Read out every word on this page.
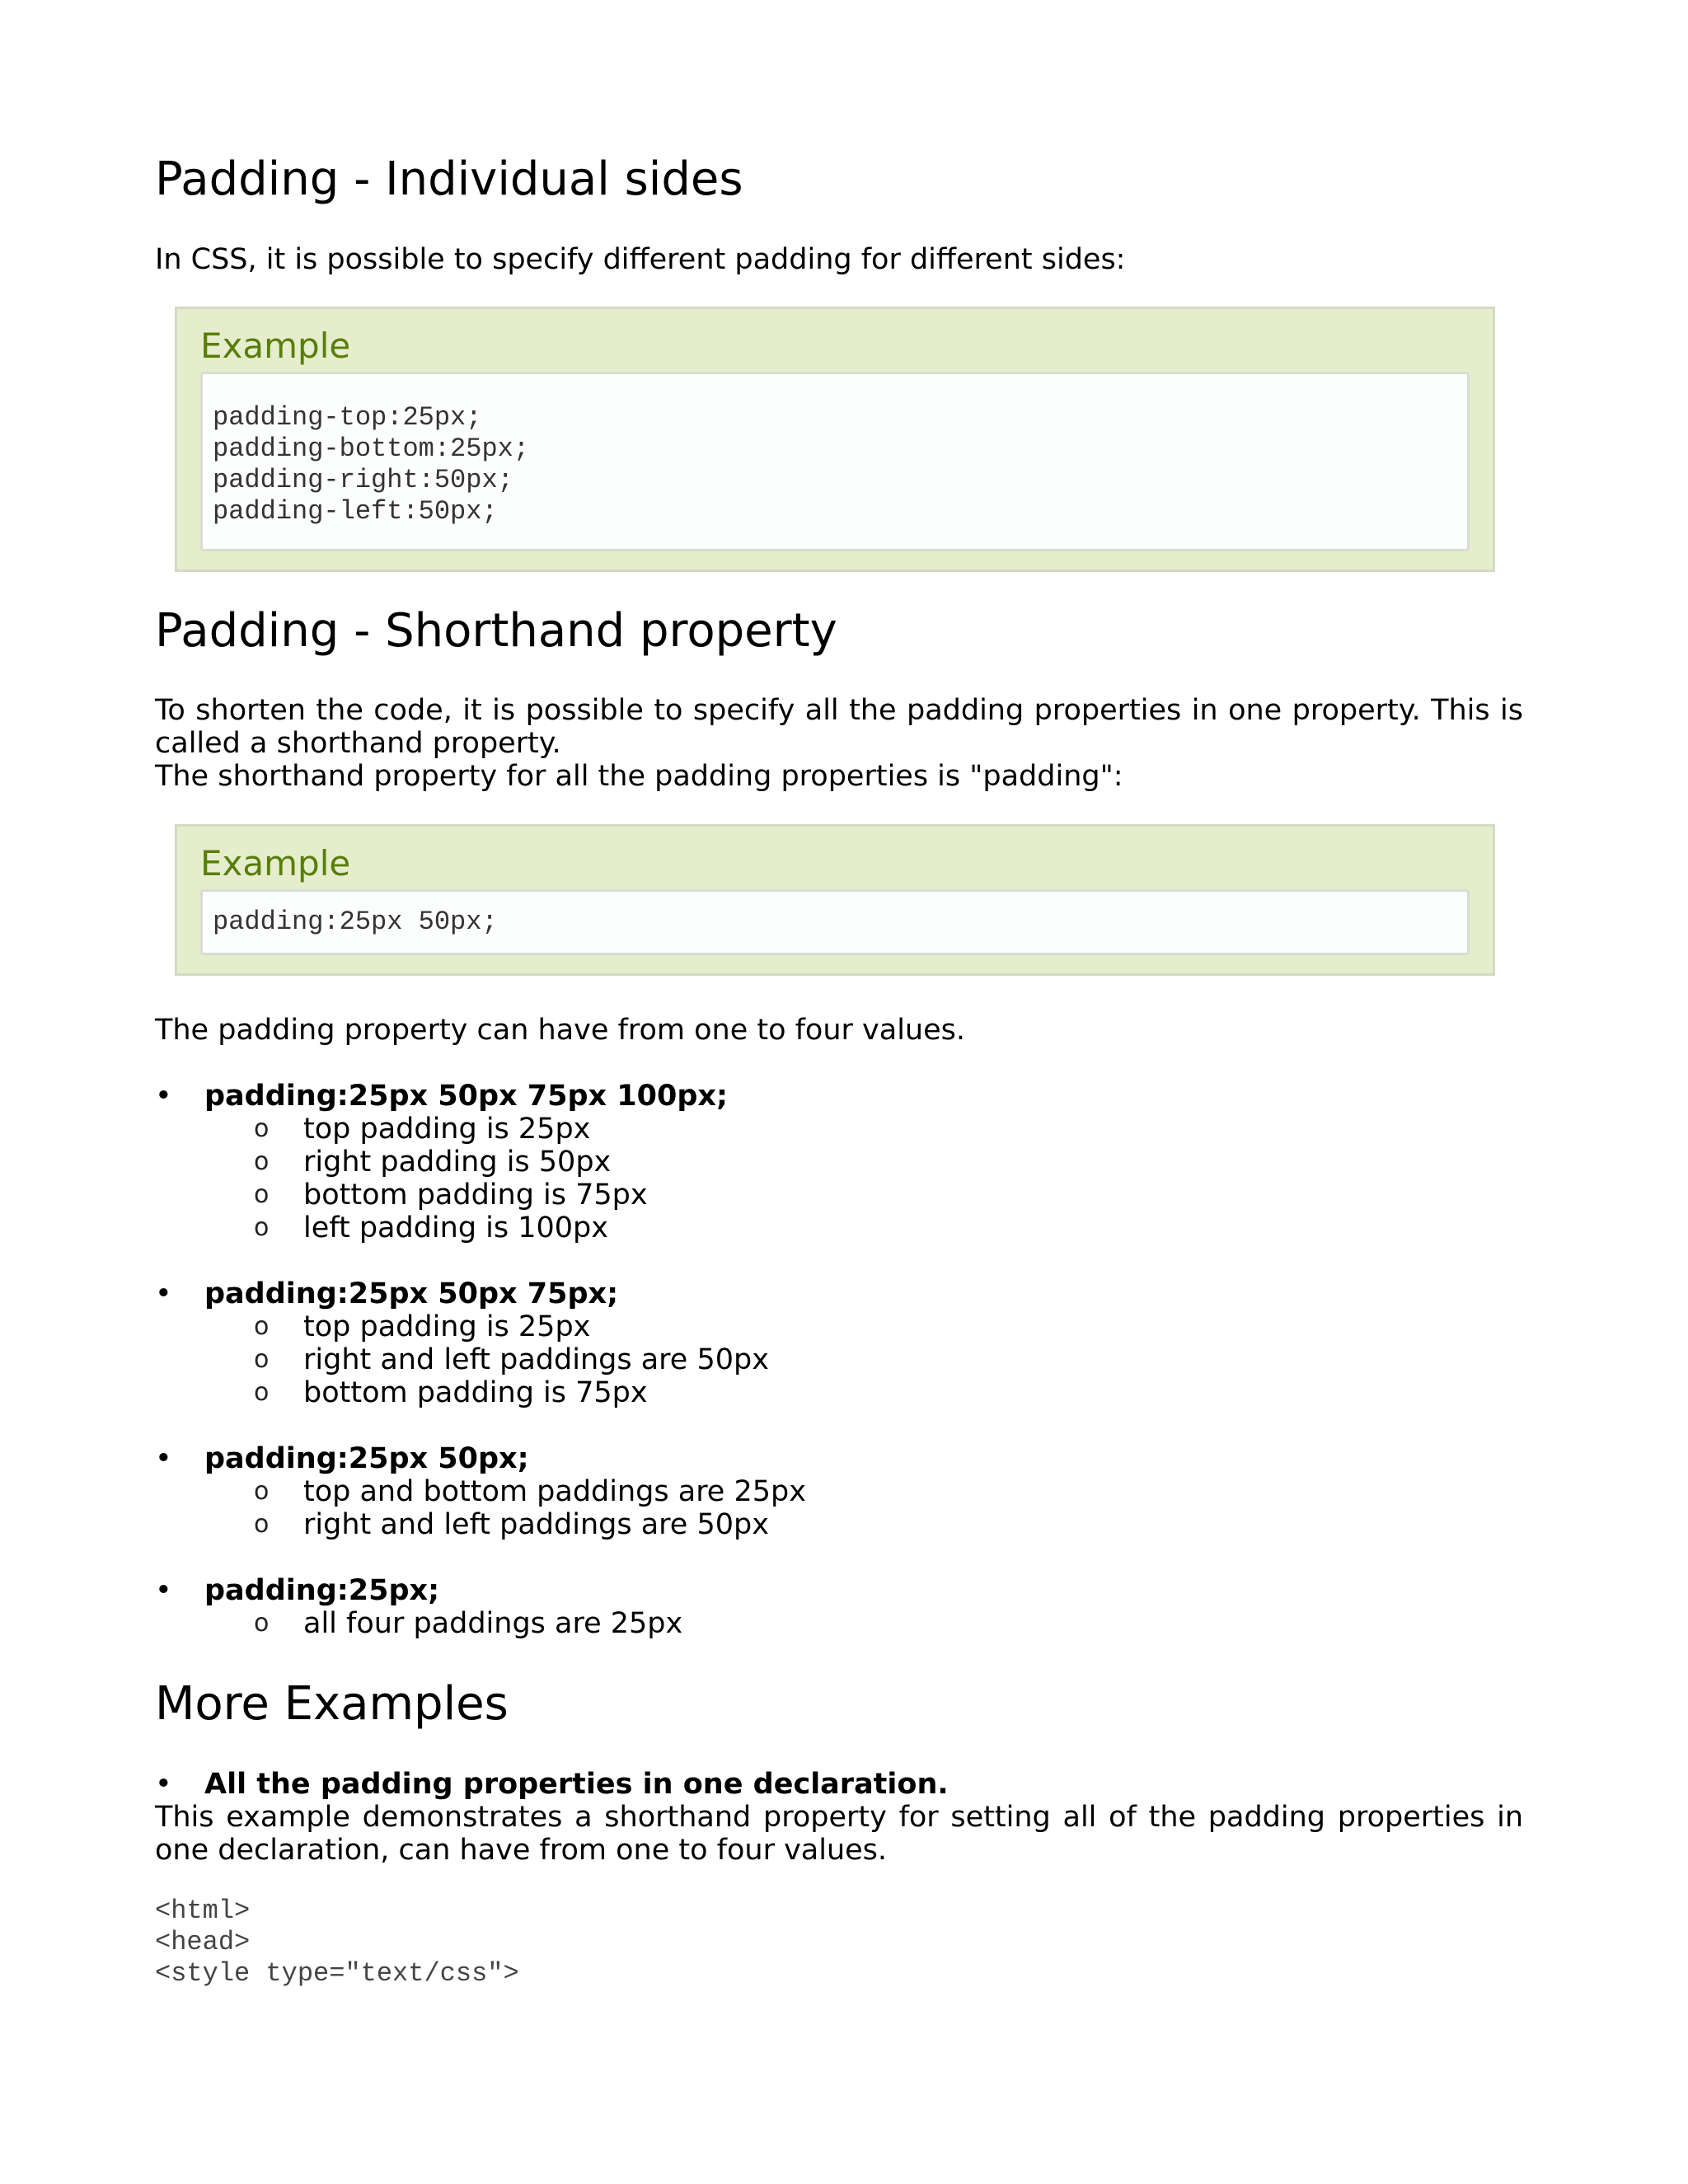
Padding - Individual sides

In CSS, it is possible to specify different padding for different sides:

Example
padding-top:25px;
padding-bottom:25px;
padding-right:50px;
padding-left:50px;
Padding - Shorthand property

To shorten the code, it is possible to specify all the padding properties in one property. This is called a shorthand property.

The shorthand property for all the padding properties is "padding":

Example
padding:25px 50px;

The padding property can have from one to four values.

• padding:25px 50px 75px 100px;
o top padding is 25px
o right padding is 50px
o bottom padding is 75px
o left padding is 100px
• padding:25px 50px 75px;
o top padding is 25px
o right and left paddings are 50px
o bottom padding is 75px
• padding:25px 50px;
o top and bottom paddings are 25px
o right and left paddings are 50px
• padding:25px;
o all four paddings are 25px
More Examples
• All the padding properties in one declaration.

This example demonstrates a shorthand property for setting all of the padding properties in one declaration, can have from one to four values.

<html>
<head>
<style type="text/css">
